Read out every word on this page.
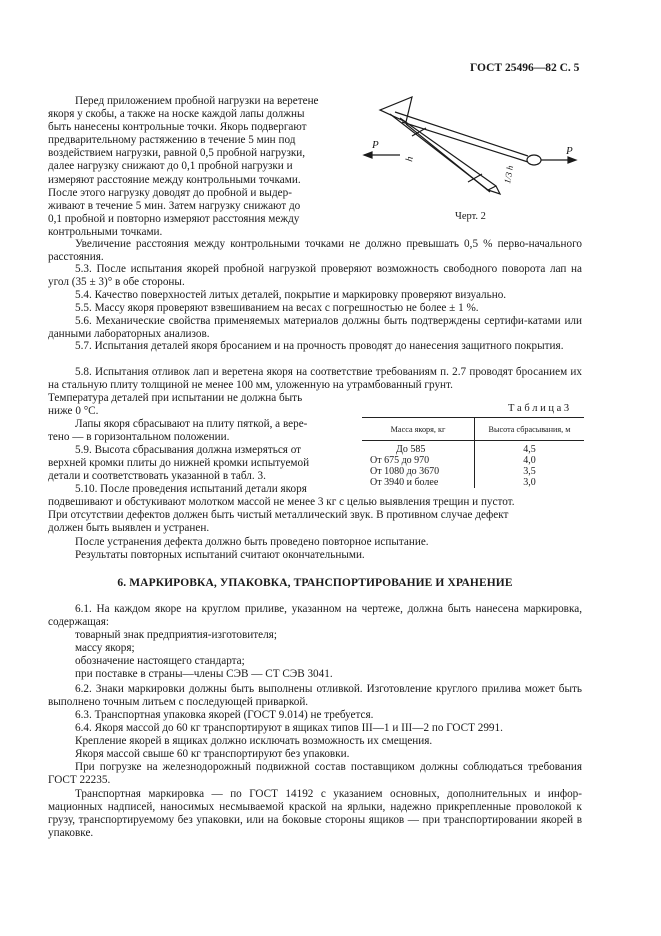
ГОСТ 25496—82 С. 5
Перед приложением пробной нагрузки на веретене
якоря у скобы, а также на носке каждой лапы должны
быть нанесены контрольные точки. Якорь подвергают
предварительному растяжению в течение 5 мин под
воздействием нагрузки, равной 0,5 пробной нагрузки,
далее нагрузку снижают до 0,1 пробной нагрузки и
измеряют расстояние между контрольными точками.
После этого нагрузку доводят до пробной и выдер-
живают в течение 5 мин. Затем нагрузку снижают до
0,1 пробной и повторно измеряют расстояния между
контрольными точками.
P	P
h
1/3 h
Черт. 2
Увеличение расстояния между контрольными точками не должно превышать 0,5 % перво-начального расстояния.
5.3. После испытания якорей пробной нагрузкой проверяют возможность свободного поворота лап на угол (35 ± 3)° в обе стороны.
5.4. Качество поверхностей литых деталей, покрытие и маркировку проверяют визуально.
5.5. Массу якоря проверяют взвешиванием на весах с погрешностью не более ± 1 %.
5.6. Механические свойства применяемых материалов должны быть подтверждены сертифи-катами или данными лабораторных анализов.
5.7. Испытания деталей якоря бросанием и на прочность проводят до нанесения защитного покрытия.
5.8. Испытания отливок лап и веретена якоря на соответствие требованиям п. 2.7 проводят бросанием их на стальную плиту толщиной не менее 100 мм, уложенную на утрамбованный грунт.
Температура деталей при испытании не должна быть
ниже 0 °С.
Лапы якоря сбрасывают на плиту пяткой, а вере-
тено — в горизонтальном положении.
5.9. Высота сбрасывания должна измеряться от
верхней кромки плиты до нижней кромки испытуемой
детали и соответствовать указанной в табл. 3.
Т а б л и ц а 3
Масса якоря, кг	Высота сбрасывания, м
До 585	4,5
От 675 до 970	4,0
От 1080 до 3670	3,5
От 3940 и более	3,0
5.10. После проведения испытаний детали якоря
подвешивают и обстукивают молотком массой не менее 3 кг с целью выявления трещин и пустот.
При отсутствии дефектов должен быть чистый металлический звук. В противном случае дефект
должен быть выявлен и устранен.
После устранения дефекта должно быть проведено повторное испытание.
Результаты повторных испытаний считают окончательными.
6. МАРКИРОВКА, УПАКОВКА, ТРАНСПОРТИРОВАНИЕ И ХРАНЕНИЕ
6.1. На каждом якоре на круглом приливе, указанном на чертеже, должна быть нанесена маркировка, содержащая:
товарный знак предприятия-изготовителя;
массу якоря;
обозначение настоящего стандарта;
при поставке в страны—члены СЭВ — СТ СЭВ 3041.
6.2. Знаки маркировки должны быть выполнены отливкой. Изготовление круглого прилива может быть выполнено точным литьем с последующей приваркой.
6.3. Транспортная упаковка якорей (ГОСТ 9.014) не требуется.
6.4. Якоря массой до 60 кг транспортируют в ящиках типов III—1 и III—2 по ГОСТ 2991.
Крепление якорей в ящиках должно исключать возможность их смещения.
Якоря массой свыше 60 кг транспортируют без упаковки.
При погрузке на железнодорожный подвижной состав поставщиком должны соблюдаться требования ГОСТ 22235.
Транспортная маркировка — по ГОСТ 14192 с указанием основных, дополнительных и инфор-мационных надписей, наносимых несмываемой краской на ярлыки, надежно прикрепленные проволокой к грузу, транспортируемому без упаковки, или на боковые стороны ящиков — при транспортировании якорей в упаковке.
